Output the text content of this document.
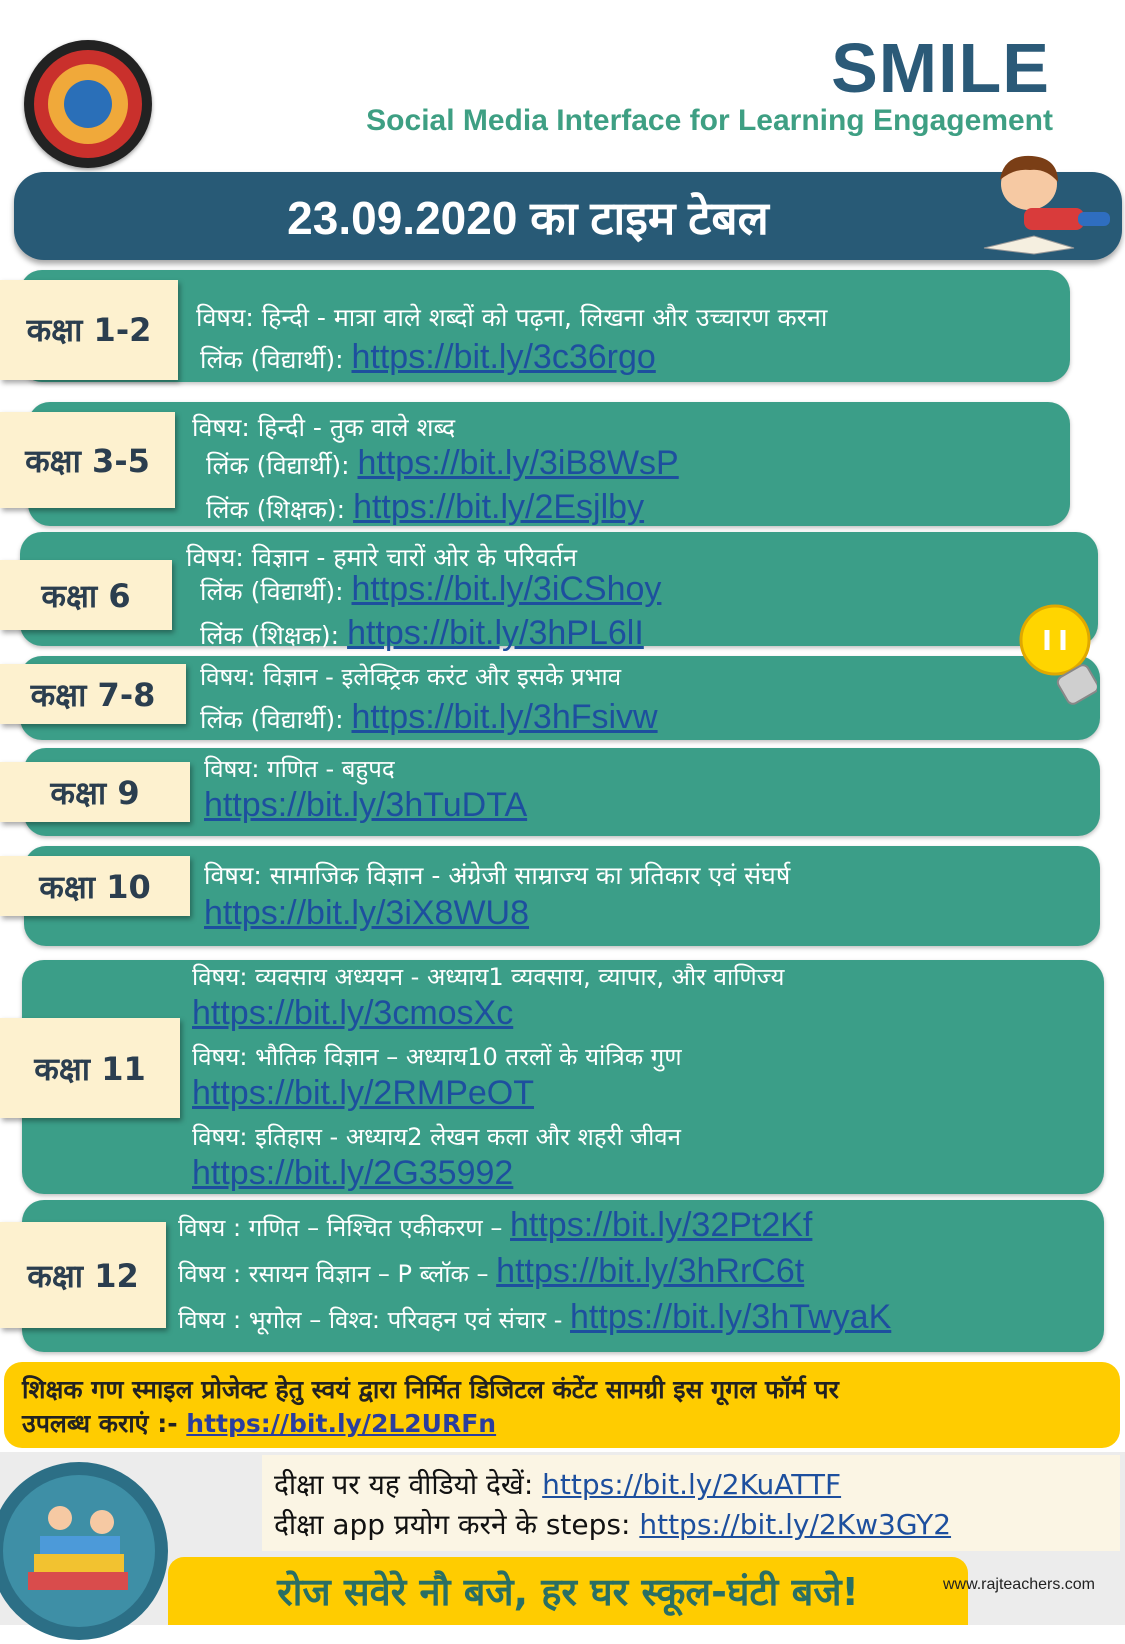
SMILE
Social Media Interface for Learning Engagement
23.09.2020 का टाइम टेबल
कक्षा 1-2 विषय: हिन्दी - मात्रा वाले शब्दों को पढ़ना, लिखना और उच्चारण करना
लिंक (विद्यार्थी): https://bit.ly/3c36rgo
कक्षा 3-5
विषय: हिन्दी - तुक वाले शब्द
लिंक (विद्यार्थी): https://bit.ly/3iB8WsP
लिंक (शिक्षक): https://bit.ly/2Esjlby
कक्षा 6
विषय: विज्ञान - हमारे चारों ओर के परिवर्तन
लिंक (विद्यार्थी): https://bit.ly/3iCShoy
लिंक (शिक्षक): https://bit.ly/3hPL6lI
कक्षा 7-8 विषय: विज्ञान - इलेक्ट्रिक करंट और इसके प्रभाव
लिंक (विद्यार्थी): https://bit.ly/3hFsivw
कक्षा 9
विषय: गणित - बहुपद
https://bit.ly/3hTuDTA
कक्षा 10 विषय: सामाजिक विज्ञान - अंग्रेजी साम्राज्य का प्रतिकार एवं संघर्ष
https://bit.ly/3iX8WU8
कक्षा 11
विषय: व्यवसाय अध्ययन - अध्याय1 व्यवसाय, व्यापार, और वाणिज्य
https://bit.ly/3cmosXc
विषय: भौतिक विज्ञान – अध्याय10 तरलों के यांत्रिक गुण
https://bit.ly/2RMPeOT
विषय: इतिहास - अध्याय2 लेखन कला और शहरी जीवन
https://bit.ly/2G35992
कक्षा 12
विषय : गणित – निश्चित एकीकरण – https://bit.ly/32Pt2Kf
विषय : रसायन विज्ञान – P ब्लॉक – https://bit.ly/3hRrC6t
विषय : भूगोल – विश्व: परिवहन एवं संचार - https://bit.ly/3hTwyaK
शिक्षक गण स्माइल प्रोजेक्ट हेतु स्वयं द्वारा निर्मित डिजिटल कंटेंट सामग्री इस गूगल फॉर्म पर
उपलब्ध कराएं :- https://bit.ly/2L2URFn
दीक्षा पर यह वीडियो देखें: https://bit.ly/2KuATTF
दीक्षा app प्रयोग करने के steps: https://bit.ly/2Kw3GY2
रोज सवेरे नौ बजे, हर घर स्कूल-घंटी बजे!	www.rajteachers.com
